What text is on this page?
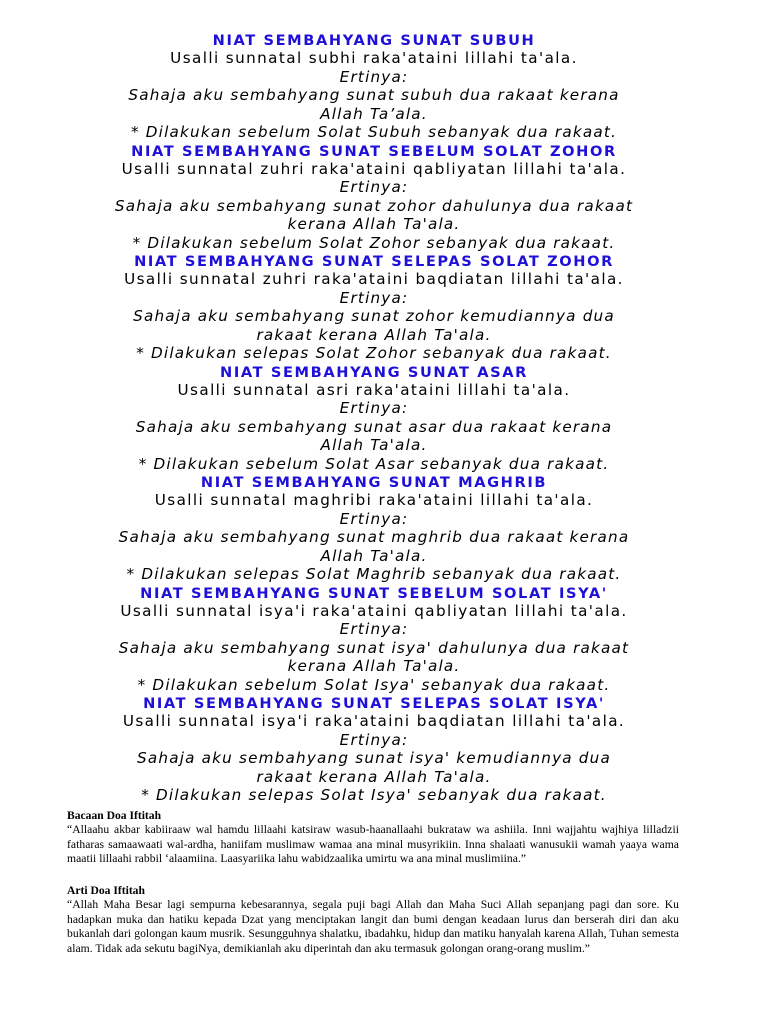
NIAT SEMBAHYANG SUNAT SUBUH
Usalli sunnatal subhi raka'ataini lillahi ta'ala.
Ertinya:
Sahaja aku sembahyang sunat subuh dua rakaat kerana
Allah Ta’ala.
* Dilakukan sebelum Solat Subuh sebanyak dua rakaat.
NIAT SEMBAHYANG SUNAT SEBELUM SOLAT ZOHOR
Usalli sunnatal zuhri raka'ataini qabliyatan lillahi ta'ala.
Ertinya:
Sahaja aku sembahyang sunat zohor dahulunya dua rakaat
kerana Allah Ta'ala.
* Dilakukan sebelum Solat Zohor sebanyak dua rakaat.
NIAT SEMBAHYANG SUNAT SELEPAS SOLAT ZOHOR
Usalli sunnatal zuhri raka'ataini baqdiatan lillahi ta'ala.
Ertinya:
Sahaja aku sembahyang sunat zohor kemudiannya dua
rakaat kerana Allah Ta'ala.
* Dilakukan selepas Solat Zohor sebanyak dua rakaat.
NIAT SEMBAHYANG SUNAT ASAR
Usalli sunnatal asri raka'ataini lillahi ta'ala.
Ertinya:
Sahaja aku sembahyang sunat asar dua rakaat kerana
Allah Ta'ala.
* Dilakukan sebelum Solat Asar sebanyak dua rakaat.
NIAT SEMBAHYANG SUNAT MAGHRIB
Usalli sunnatal maghribi raka'ataini lillahi ta'ala.
Ertinya:
Sahaja aku sembahyang sunat maghrib dua rakaat kerana
Allah Ta'ala.
* Dilakukan selepas Solat Maghrib sebanyak dua rakaat.
NIAT SEMBAHYANG SUNAT SEBELUM SOLAT ISYA'
Usalli sunnatal isya'i raka'ataini qabliyatan lillahi ta'ala.
Ertinya:
Sahaja aku sembahyang sunat isya' dahulunya dua rakaat
kerana Allah Ta'ala.
* Dilakukan sebelum Solat Isya' sebanyak dua rakaat.
NIAT SEMBAHYANG SUNAT SELEPAS SOLAT ISYA'
Usalli sunnatal isya'i raka'ataini baqdiatan lillahi ta'ala.
Ertinya:
Sahaja aku sembahyang sunat isya' kemudiannya dua
rakaat kerana Allah Ta'ala.
* Dilakukan selepas Solat Isya' sebanyak dua rakaat.
Bacaan Doa Iftitah
“Allaahu akbar kabiiraaw wal hamdu lillaahi katsiraw wasub-haanallaahi bukrataw wa ashiila. Inni wajjahtu wajhiya lilladzii fatharas samaawaati wal-ardha, haniifam muslimaw wamaa ana minal musyrikiin. Inna shalaati wanusukii wamah yaaya wama maatii lillaahi rabbil ‘alaamiina. Laasyariika lahu wabidzaalika umirtu wa ana minal muslimiina.”
Arti Doa Iftitah
“Allah Maha Besar lagi sempurna kebesarannya, segala puji bagi Allah dan Maha Suci Allah sepanjang pagi dan sore. Ku hadapkan muka dan hatiku kepada Dzat yang menciptakan langit dan bumi dengan keadaan lurus dan berserah diri dan aku bukanlah dari golongan kaum musrik. Sesungguhnya shalatku, ibadahku, hidup dan matiku hanyalah karena Allah, Tuhan semesta alam. Tidak ada sekutu bagiNya, demikianlah aku diperintah dan aku termasuk golongan orang-orang muslim.”
